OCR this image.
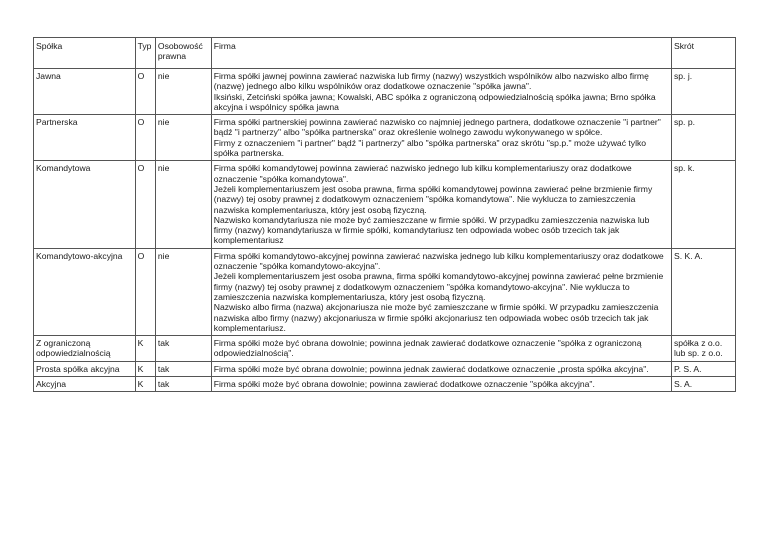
Spółka	Typ	Osobowość prawna	Firma	Skrót
Jawna	O	nie	Firma spółki jawnej powinna zawierać nazwiska lub firmy (nazwy) wszystkich wspólników albo nazwisko albo firmę (nazwę) jednego albo kilku wspólników oraz dodatkowe oznaczenie "spółka jawna".
Iksiński, Zetciński spółka jawna; Kowalski, ABC spółka z ograniczoną odpowiedzialnością spółka jawna; Brno spółka akcyjna i wspólnicy spółka jawna	sp. j.

Partnerska	O	nie	Firma spółki partnerskiej powinna zawierać nazwisko co najmniej jednego partnera, dodatkowe oznaczenie "i partner" bądź "i partnerzy" albo "spółka partnerska" oraz określenie wolnego zawodu wykonywanego w spółce.
Firmy z oznaczeniem "i partner" bądź "i partnerzy" albo "spółka partnerska" oraz skrótu "sp.p." może używać tylko spółka partnerska.	sp. p.

Komandytowa	O	nie	Firma spółki komandytowej powinna zawierać nazwisko jednego lub kilku komplementariuszy oraz dodatkowe oznaczenie "spółka komandytowa".
Jeżeli komplementariuszem jest osoba prawna, firma spółki komandytowej powinna zawierać pełne brzmienie firmy (nazwy) tej osoby prawnej z dodatkowym oznaczeniem "spółka komandytowa". Nie wyklucza to zamieszczenia nazwiska komplementariusza, który jest osobą fizyczną.
Nazwisko komandytariusza nie może być zamieszczane w firmie spółki. W przypadku zamieszczenia nazwiska lub firmy (nazwy) komandytariusza w firmie spółki, komandytariusz ten odpowiada wobec osób trzecich tak jak komplementariusz	sp. k.

Komandytowo-akcyjna	O	nie	Firma spółki komandytowo-akcyjnej powinna zawierać nazwiska jednego lub kilku komplementariuszy oraz dodatkowe oznaczenie "spółka komandytowo-akcyjna".
Jeżeli komplementariuszem jest osoba prawna, firma spółki komandytowo-akcyjnej powinna zawierać pełne brzmienie firmy (nazwy) tej osoby prawnej z dodatkowym oznaczeniem "spółka komandytowo-akcyjna". Nie wyklucza to zamieszczenia nazwiska komplementariusza, który jest osobą fizyczną.
Nazwisko albo firma (nazwa) akcjonariusza nie może być zamieszczane w firmie spółki. W przypadku zamieszczenia nazwiska albo firmy (nazwy) akcjonariusza w firmie spółki akcjonariusz ten odpowiada wobec osób trzecich tak jak komplementariusz.	S. K. A.

Z ograniczoną odpowiedzialnością	K	tak	Firma spółki może być obrana dowolnie; powinna jednak zawierać dodatkowe oznaczenie "spółka z ograniczoną odpowiedzialnością".	spółka z o.o.
lub sp. z o.o.

Prosta spółka akcyjna	K	tak	Firma spółki może być obrana dowolnie; powinna jednak zawierać dodatkowe oznaczenie „prosta spółka akcyjna".	P. S. A.

Akcyjna	K	tak	Firma spółki może być obrana dowolnie; powinna zawierać dodatkowe oznaczenie "spółka akcyjna".	S. A.
